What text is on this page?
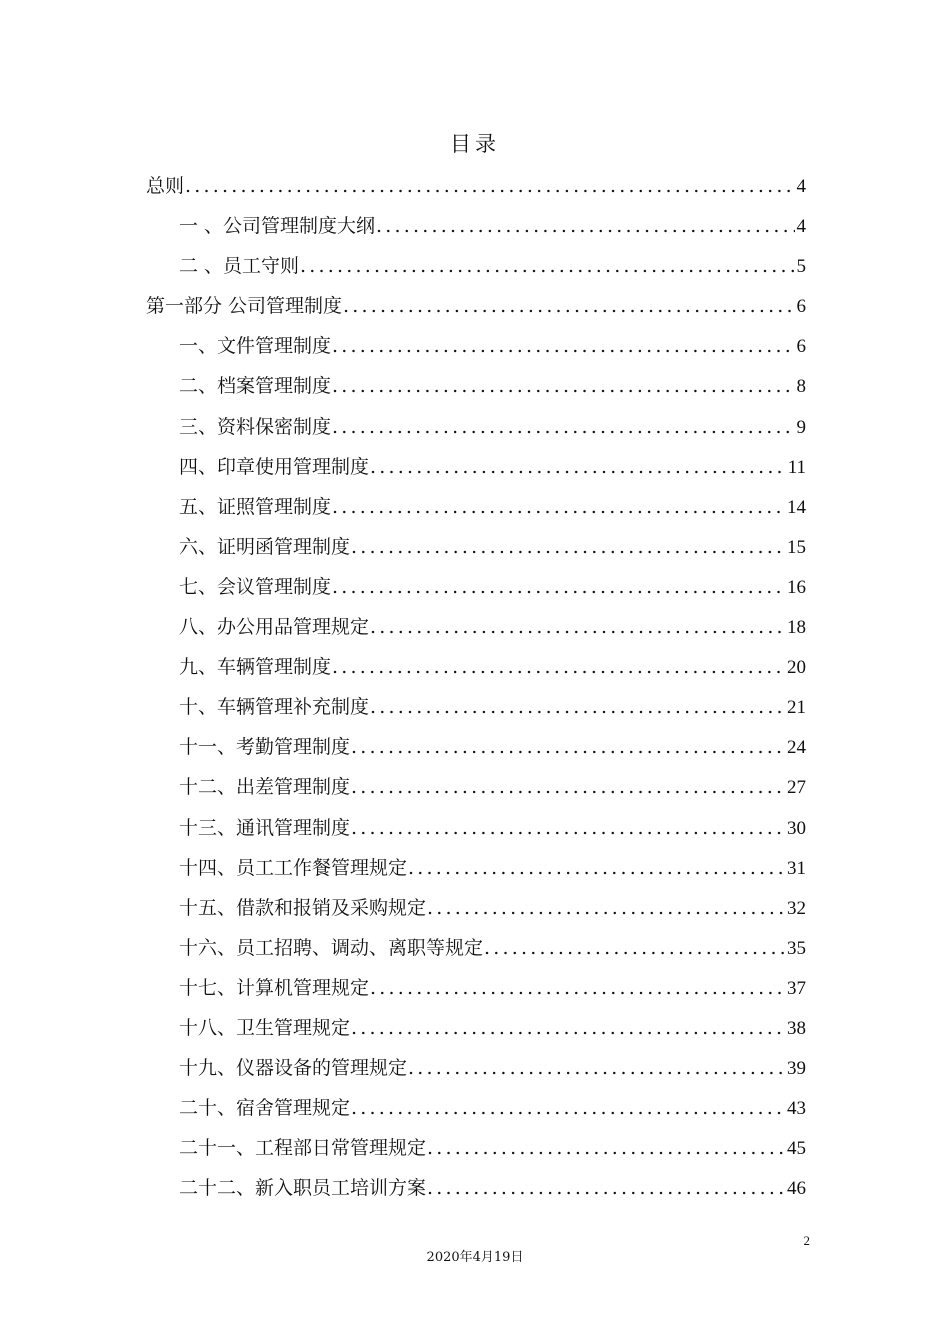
目录
总则 .....	4
一 、公司管理制度大纲 .....	4
二 、员工守则 .....	5
第一部分 公司管理制度 .....	6
一、文件管理制度 .....	6
二、档案管理制度 .....	8
三、资料保密制度 .....	9
四、印章使用管理制度 .....	11
五、证照管理制度 .....	14
六、证明函管理制度 .....	15
七、会议管理制度 .....	16
八、办公用品管理规定 .....	18
九、车辆管理制度 .....	20
十、车辆管理补充制度 .....	21
十一、考勤管理制度 .....	24
十二、出差管理制度 .....	27
十三、通讯管理制度 .....	30
十四、员工工作餐管理规定 .....	31
十五、借款和报销及采购规定 .....	32
十六、员工招聘、调动、离职等规定 .....	35
十七、计算机管理规定 .....	37
十八、卫生管理规定 .....	38
十九、仪器设备的管理规定 .....	39
二十、宿舍管理规定 .....	43
二十一、工程部日常管理规定 .....	45
二十二、新入职员工培训方案 .....	46
2
2020年4月19日
